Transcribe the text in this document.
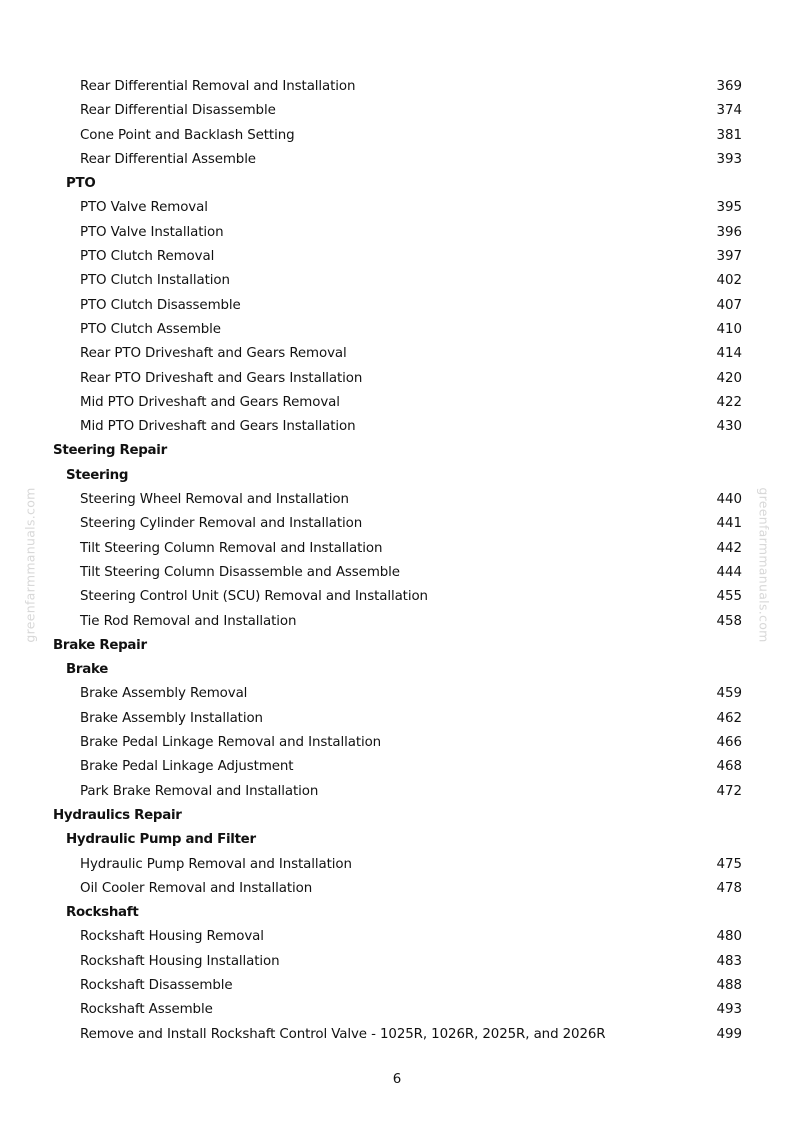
greenfarmmanuals.com	greenfarmmanuals.com
Rear Differential Removal and Installation	369
Rear Differential Disassemble	374
Cone Point and Backlash Setting	381
Rear Differential Assemble	393
PTO
PTO Valve Removal	395
PTO Valve Installation	396
PTO Clutch Removal	397
PTO Clutch Installation	402
PTO Clutch Disassemble	407
PTO Clutch Assemble	410
Rear PTO Driveshaft and Gears Removal	414
Rear PTO Driveshaft and Gears Installation	420
Mid PTO Driveshaft and Gears Removal	422
Mid PTO Driveshaft and Gears Installation	430
Steering Repair
Steering
Steering Wheel Removal and Installation	440
Steering Cylinder Removal and Installation	441
Tilt Steering Column Removal and Installation	442
Tilt Steering Column Disassemble and Assemble	444
Steering Control Unit (SCU) Removal and Installation	455
Tie Rod Removal and Installation	458
Brake Repair
Brake
Brake Assembly Removal	459
Brake Assembly Installation	462
Brake Pedal Linkage Removal and Installation	466
Brake Pedal Linkage Adjustment	468
Park Brake Removal and Installation	472
Hydraulics Repair
Hydraulic Pump and Filter
Hydraulic Pump Removal and Installation	475
Oil Cooler Removal and Installation	478
Rockshaft
Rockshaft Housing Removal	480
Rockshaft Housing Installation	483
Rockshaft Disassemble	488
Rockshaft Assemble	493
Remove and Install Rockshaft Control Valve - 1025R, 1026R, 2025R, and 2026R	499
6
